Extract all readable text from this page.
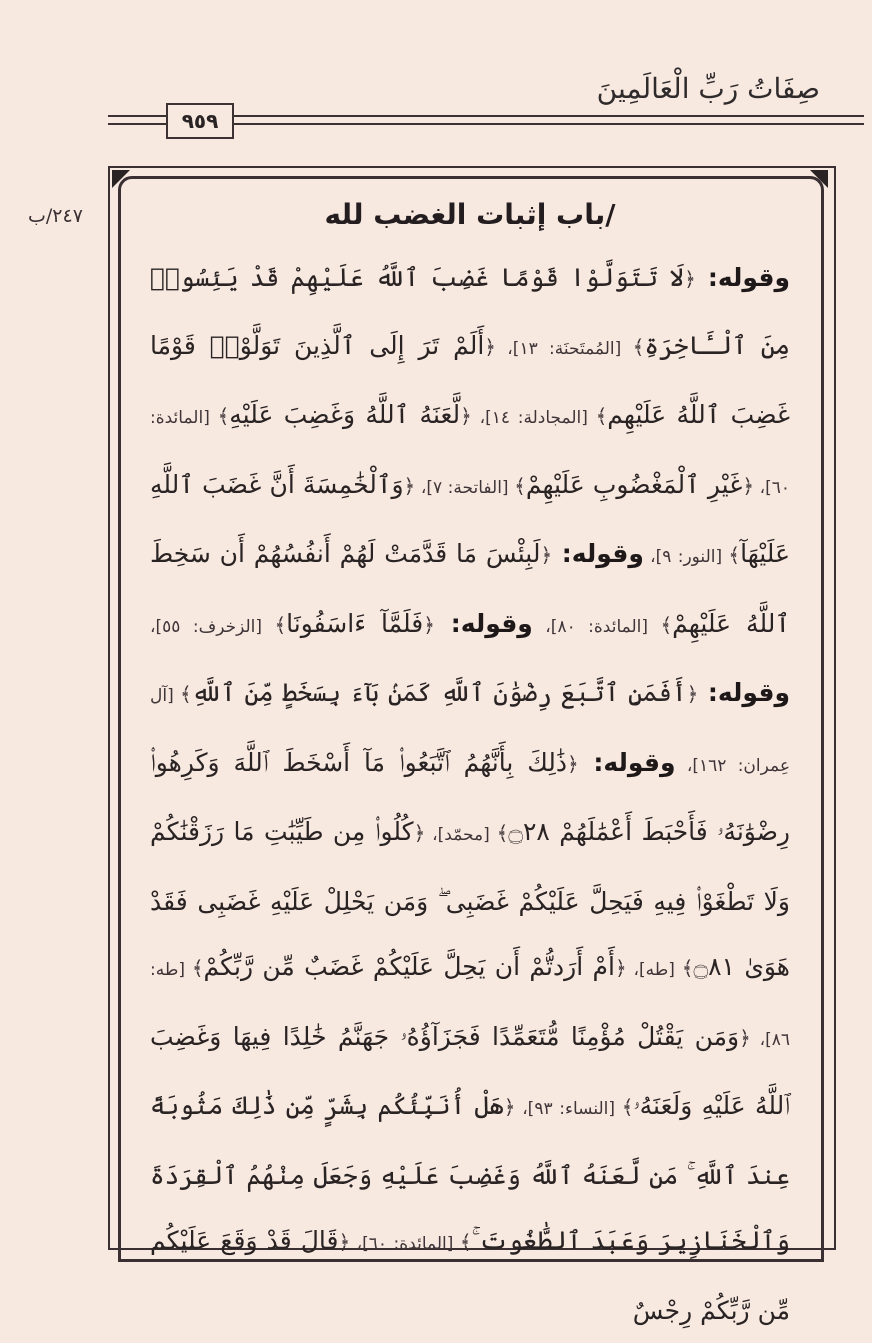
صِفَاتُ رَبِّ الْعَالَمِينَ
٩٥٩
٢٤٧/ب	/باب إثبات الغضب لله

وقوله: ﴿لَا تَتَوَلَّوْا قَوْمًا غَضِبَ ٱللَّهُ عَلَيْهِمْ قَدْ يَئِسُوا۟ مِنَ ٱلْـَٔاخِرَةِ﴾ [المُمتَحنَة: ١٣]، ﴿أَلَمْ تَرَ إِلَى ٱلَّذِينَ تَوَلَّوْا۟ قَوْمًا غَضِبَ ٱللَّهُ عَلَيْهِم﴾ [المجادلة: ١٤]، ﴿لَّعَنَهُ ٱللَّهُ وَغَضِبَ عَلَيْهِ﴾ [المائدة: ٦٠]، ﴿غَيْرِ ٱلْمَغْضُوبِ عَلَيْهِمْ﴾ [الفاتحة: ٧]، ﴿وَٱلْخَٰمِسَةَ أَنَّ غَضَبَ ٱللَّهِ عَلَيْهَآ﴾ [النور: ٩]، وقوله: ﴿لَبِئْسَ مَا قَدَّمَتْ لَهُمْ أَنفُسُهُمْ أَن سَخِطَ ٱللَّهُ عَلَيْهِمْ﴾ [المائدة: ٨٠]، وقوله: ﴿فَلَمَّآ ءَاسَفُونَا﴾ [الزخرف: ٥٥]، وقوله: ﴿أَفَمَنِ ٱتَّبَعَ رِضْوَٰنَ ٱللَّهِ كَمَنۢ بَآءَ بِسَخَطٍ مِّنَ ٱللَّهِ﴾ [آل عِمران: ١٦٢]، وقوله: ﴿ذَٰلِكَ بِأَنَّهُمُ ٱتَّبَعُوا۟ مَآ أَسْخَطَ ٱللَّهَ وَكَرِهُوا۟ رِضْوَٰنَهُۥ فَأَحْبَطَ أَعْمَٰلَهُمْ ۝٢٨﴾ [محمّد]، ﴿كُلُوا۟ مِن طَيِّبَٰتِ مَا رَزَقْنَٰكُمْ وَلَا تَطْغَوْا۟ فِيهِ فَيَحِلَّ عَلَيْكُمْ غَضَبِى ۖ وَمَن يَحْلِلْ عَلَيْهِ غَضَبِى فَقَدْ هَوَىٰ ۝٨١﴾ [طه]، ﴿أَمْ أَرَدتُّمْ أَن يَحِلَّ عَلَيْكُمْ غَضَبٌ مِّن رَّبِّكُمْ﴾ [طه: ٨٦]، ﴿وَمَن يَقْتُلْ مُؤْمِنًا مُّتَعَمِّدًا فَجَزَآؤُهُۥ جَهَنَّمُ خَٰلِدًا فِيهَا وَغَضِبَ ٱللَّهُ عَلَيْهِ وَلَعَنَهُۥ﴾ [النساء: ٩٣]، ﴿هَلْ أُنَبِّئُكُم بِشَرٍّ مِّن ذَٰلِكَ مَثُوبَةً عِندَ ٱللَّهِ ۚ مَن لَّعَنَهُ ٱللَّهُ وَغَضِبَ عَلَيْهِ وَجَعَلَ مِنْهُمُ ٱلْقِرَدَةَ وَٱلْخَنَازِيرَ وَعَبَدَ ٱلطَّٰغُوتَ ۚ﴾ [المائدة: ٦٠]، ﴿قَالَ قَدْ وَقَعَ عَلَيْكُم مِّن رَّبِّكُمْ رِجْسٌ
